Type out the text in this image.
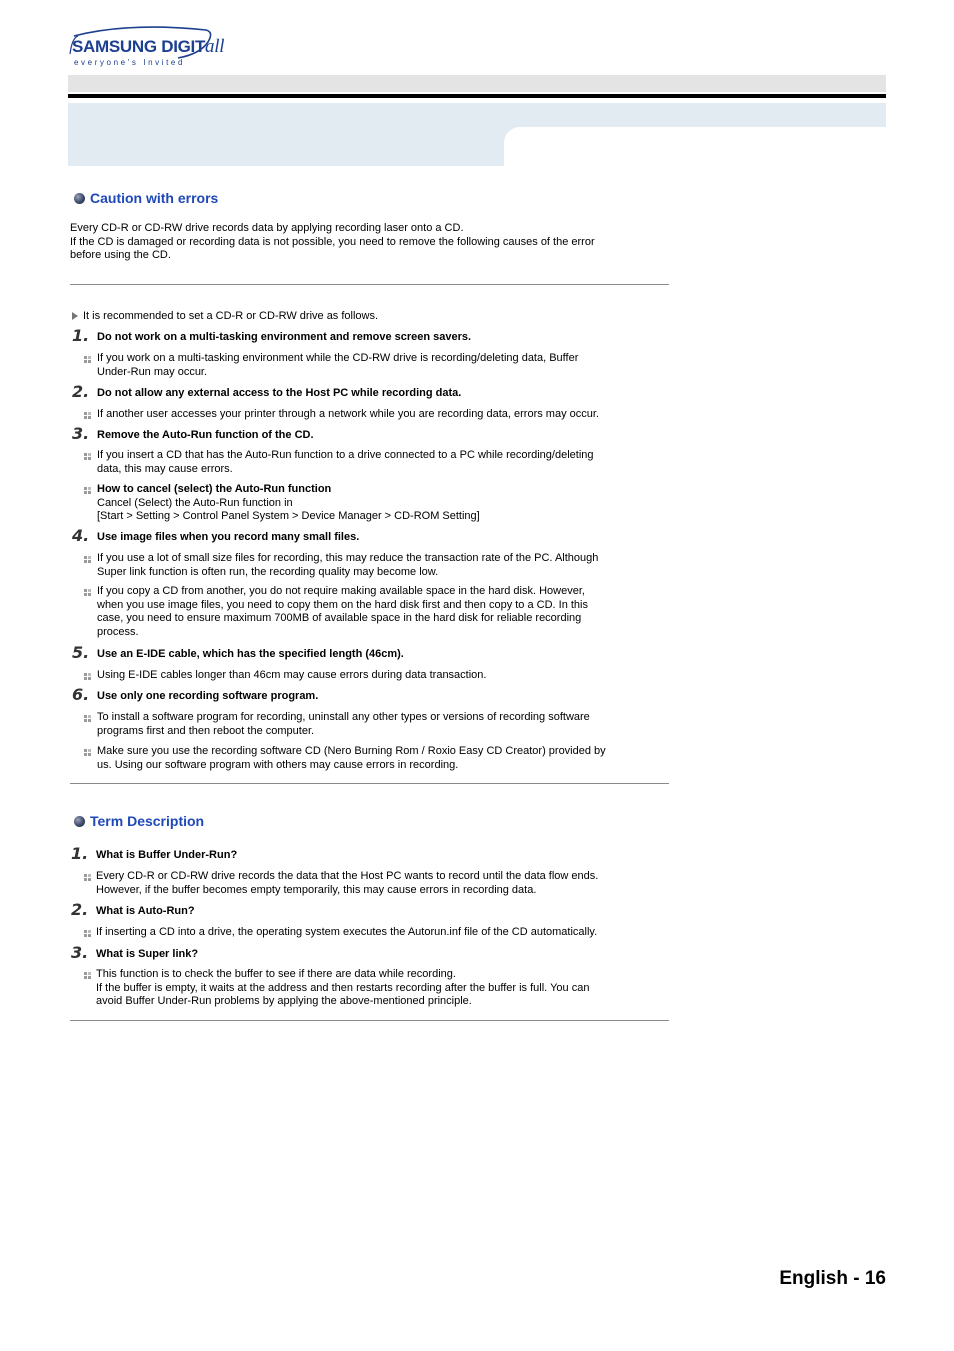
SAMSUNG DIGITall
everyone's Invited
Caution with errors
Every CD-R or CD-RW drive records data by applying recording laser onto a CD.
If the CD is damaged or recording data is not possible, you need to remove the following causes of the error
before using the CD.
It is recommended to set a CD-R or CD-RW drive as follows.
1. Do not work on a multi-tasking environment and remove screen savers.
If you work on a multi-tasking environment while the CD-RW drive is recording/deleting data, Buffer
Under-Run may occur.
2. Do not allow any external access to the Host PC while recording data.
If another user accesses your printer through a network while you are recording data, errors may occur.
3. Remove the Auto-Run function of the CD.
If you insert a CD that has the Auto-Run function to a drive connected to a PC while recording/deleting
data, this may cause errors.
How to cancel (select) the Auto-Run function
Cancel (Select) the Auto-Run function in
[Start > Setting > Control Panel System > Device Manager > CD-ROM Setting]
4. Use image files when you record many small files.
If you use a lot of small size files for recording, this may reduce the transaction rate of the PC. Although
Super link function is often run, the recording quality may become low.
If you copy a CD from another, you do not require making available space in the hard disk. However,
when you use image files, you need to copy them on the hard disk first and then copy to a CD. In this
case, you need to ensure maximum 700MB of available space in the hard disk for reliable recording
process.
5. Use an E-IDE cable, which has the specified length (46cm).
Using E-IDE cables longer than 46cm may cause errors during data transaction.
6. Use only one recording software program.
To install a software program for recording, uninstall any other types or versions of recording software
programs first and then reboot the computer.
Make sure you use the recording software CD (Nero Burning Rom / Roxio Easy CD Creator) provided by
us. Using our software program with others may cause errors in recording.
Term Description
1. What is Buffer Under-Run?
Every CD-R or CD-RW drive records the data that the Host PC wants to record until the data flow ends.
However, if the buffer becomes empty temporarily, this may cause errors in recording data.
2. What is Auto-Run?
If inserting a CD into a drive, the operating system executes the Autorun.inf file of the CD automatically.
3. What is Super link?
This function is to check the buffer to see if there are data while recording.
If the buffer is empty, it waits at the address and then restarts recording after the buffer is full. You can
avoid Buffer Under-Run problems by applying the above-mentioned principle.
English - 16
